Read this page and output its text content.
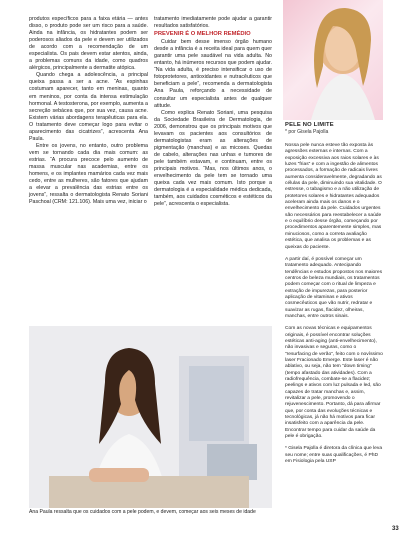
produtos específicos para a faixa etária — antes disso, o produto pode ser um risco para a saúde. Ainda na infância, os hidratantes podem ser poderosos aliados da pele e devem ser utilizados de acordo com a recomendação de um especialista. Os pais devem estar atentos, ainda, a problemas comuns da idade, como quadros alérgicos, principalmente a dermatite atópica.

Quando chega a adolescência, a principal queixa passa a ser a acne. “As espinhas costumam aparecer, tanto em meninas, quanto em meninos, por conta da intensa estimulação hormonal. A testosterona, por exemplo, aumenta a secreção sebácea que, por sua vez, causa acne. Existem várias abordagens terapêuticas para ela. O tratamento deve começar logo para evitar o aparecimento das cicatrizes”, acrescenta Ana Paula.

Entre os jovens, no entanto, outro problema vem se tornando cada dia mais comum: as estrias. “A procura precoce pelo aumento de massa muscular nas academias, entre os homens, e os implantes mamários cada vez mais cedo, entre as mulheres, são fatores que ajudam a elevar a prevalência das estrias entre os jovens”, ressalta o dermatologista Renato Soriani Paschoal (CRM: 121.106). Mais uma vez, iniciar o

tratamento imediatamente pode ajudar a garantir resultados satisfatórios.

PREVENIR É O MELHOR REMÉDIO

Cuidar bem desse imenso órgão humano desde a infância é a receita ideal para quem quer garantir uma pele saudável na vida adulta. No entanto, há inúmeros recursos que podem ajudar. “Na vida adulta, é preciso intensificar o uso de fotoprotetores, antioxidantes e nutracêuticos que beneficiam a pele”, recomenda a dermatologista Ana Paula, reforçando a necessidade de consultar um especialista antes de qualquer atitude.

Como explica Renato Soriani, uma pesquisa da Sociedade Brasileira de Dermatologia, de 2006, demonstrou que os principais motivos que levavam os pacientes aos consultórios de dermatologistas eram as alterações de pigmentação (manchas) e as micoses. Quedas de cabelo, alterações nas unhas e tumores de pele também estavam, e continuam, entre os principais motivos. “Mas, nos últimos anos, o envelhecimento da pele tem se tornado uma queixa cada vez mais comum. Isto porque a dermatologia é a especialidade médica dedicada, também, aos cuidados cosméticos e estéticos da pele”, acrescenta o especialista.

PELE NO LIMITE
* por Gisela Pajolla

Nossa pele nunca esteve tão exposta às agressões externas e internas. Com a exposição excessiva aos raios solares e às luzes “frias” e com a ingestão de alimentos processados, a formação de radicais livres aumenta consideravelmente, degradando as células da pele, diminuindo sua vitalidade. O estresse, o tabagismo e a não utilização de protetores solares e hidratantes adequados aceleram ainda mais os danos e o envelhecimento da pele. Cuidados urgentes são necessários para reestabelecer a saúde e o equilíbrio desse órgão, começando por procedimentos aparentemente simples, mas minuciosos, como a correta avaliação estética, que analisa os problemas e as queixas do paciente.

A partir daí, é possível começar um tratamento adequado. Antecipando tendências e estudos propostos nos maiores centros de beleza mundiais, os tratamentos podem começar com o ritual de limpeza e extração de impurezas, para posterior aplicação de vitaminas e ativos cosmecêuticos que vão nutrir, redratar e suavizar as rugas, flacidez, olheiras, manchas, entre outros sinais.

Com as novas técnicas e equipamentos originais, é possível encontrar soluções estéticas anti-aging (anti-envelhecimento), não invasivas e seguras, como o “resurfacing de verão”, feito com o novíssimo laser Fracionado Emerge. Este laser é não ablativo, ou seja, não tem “down timing” (tempo afastado das atividades). Com a radiofrequência, combate-se a flacidez; peelings e ativos com luz pulsada e led, são capazes de tratar manchas e, assim, revitalizar a pele, promovendo o rejuvenescimento. Portanto, dá para afirmar que, por conta das evoluções técnicas e tecnológicas, já não há motivos para ficar insatisfeito com a aparência da pele. Encontrar tempo para cuidar da saúde da pele é obrigação.

* Gisela Pajolla é diretora da clínica que leva seu nome; entre suas qualificações, é PhD em Fisiologia pela USP

Ana Paula ressalta que os cuidados com a pele podem, e devem, começar aos seis meses de idade
33
